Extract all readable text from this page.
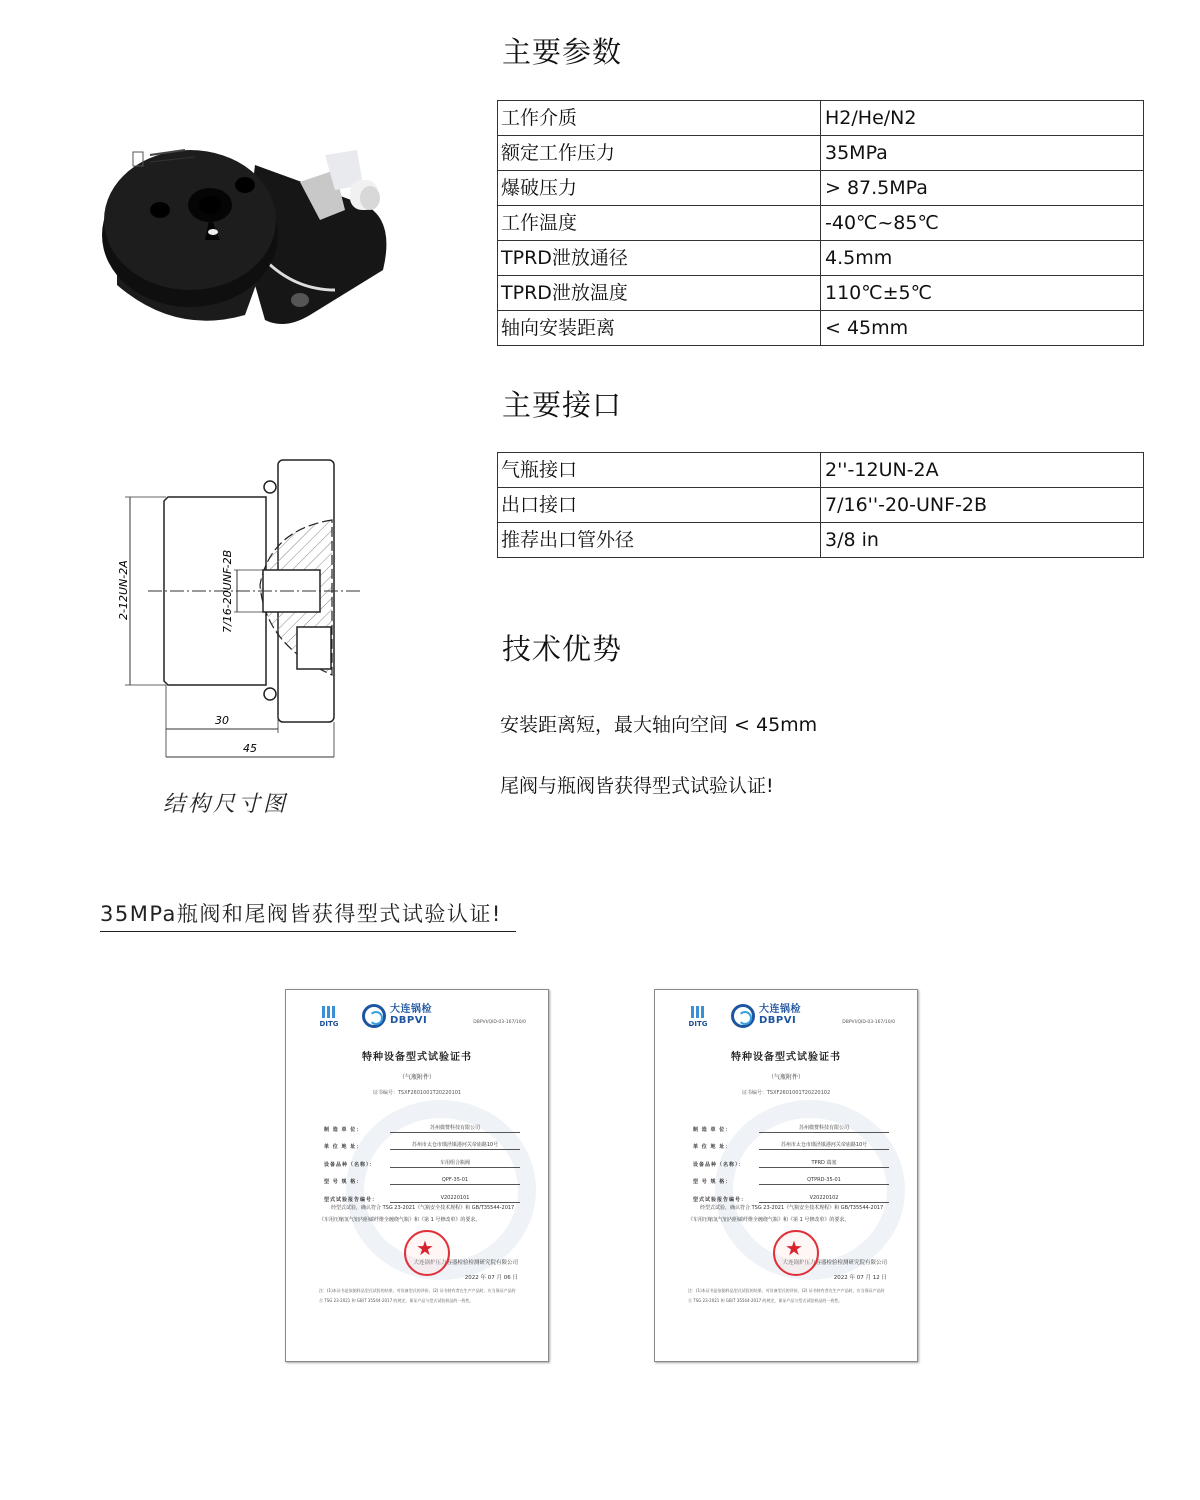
主要参数
工作介质	H2/He/N2
额定工作压力	35MPa
爆破压力	> 87.5MPa
工作温度	-40℃~85℃
TPRD泄放通径	4.5mm
TPRD泄放温度	110℃±5℃
轴向安装距离	< 45mm
主要接口
气瓶接口	2''-12UN-2A
出口接口	7/16''-20-UNF-2B
推荐出口管外径	3/8 in
2-12UN-2A	7/16-20UNF-2B
30
45
结构尺寸图
技术优势
安装距离短，最大轴向空间 < 45mm
尾阀与瓶阀皆获得型式试验认证!
35MPa瓶阀和尾阀皆获得型式试验认证!
DITG
大连锅检
DBPVI	DBPVI/QID-03-167/10/0
特种设备型式试验证书
（气瓶附件）
证书编号：TSXF2601001T20220101
制 造 单 位：	苏州微赞科技有限公司
单 位 地 址：	苏州市太仓市璜泾镇港河关帝庙路10号
设备品种（名称）：	车用组合瓶阀
型 号 规 格：	QPF-35-01
型式试验报告编号：	V20220101
经型式试验，确认符合 TSG 23-2021《气瓶安全技术规程》和 GB/T35544-2017《车用压缩氢气铝内胆碳纤维全缠绕气瓶》和《第 1 号修改单》的要求。
大连锅炉压力容器检验检测研究院有限公司
2022 年 07 月 06 日
★
注：(1)本证书是依据样品型式试验的结果，对设备型式的评价。(2) 证书持有者在生产产品时，应当保证产品符合 TSG 23-2021 和 GB/T 35544-2017 的规定，保证产品与型式试验样品的一致性。
DITG
大连锅检
DBPVI	DBPVI/QID-03-167/10/0
特种设备型式试验证书
（气瓶附件）
证书编号：TSXF2601001T20220102
制 造 单 位：	苏州微赞科技有限公司
单 位 地 址：	苏州市太仓市璜泾镇港河关帝庙路10号
设备品种（名称）：	TPRD 端塞
型 号 规 格：	QTPRD-35-01
型式试验报告编号：	V20220102
经型式试验，确认符合 TSG 23-2021《气瓶安全技术规程》和 GB/T35544-2017《车用压缩氢气铝内胆碳纤维全缠绕气瓶》和《第 1 号修改单》的要求。
大连锅炉压力容器检验检测研究院有限公司
2022 年 07 月 12 日
★
注：(1)本证书是依据样品型式试验的结果，对设备型式的评价。(2) 证书持有者在生产产品时，应当保证产品符合 TSG 23-2021 和 GB/T 35544-2017 的规定，保证产品与型式试验样品的一致性。
